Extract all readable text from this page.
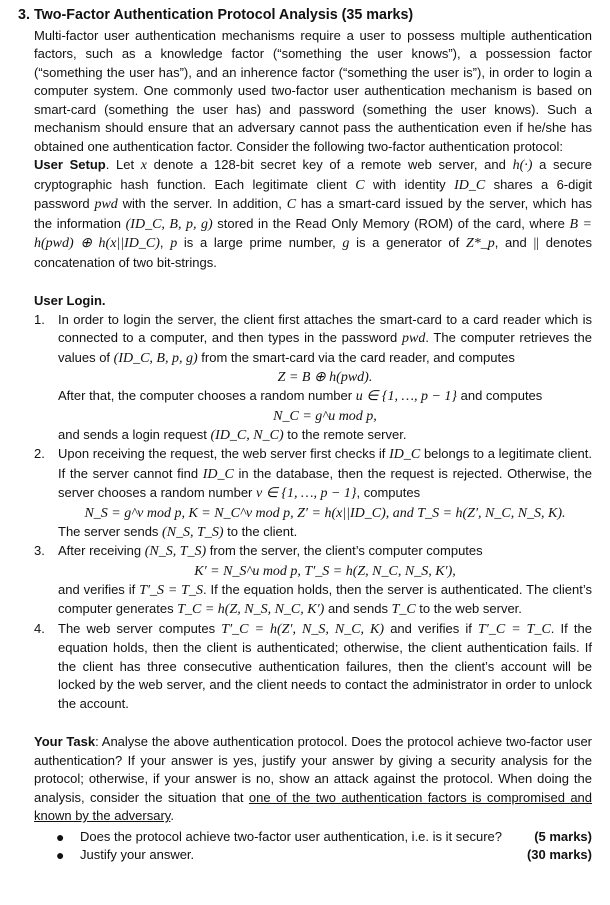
3. Two-Factor Authentication Protocol Analysis (35 marks)
Multi-factor user authentication mechanisms require a user to possess multiple authentication factors, such as a knowledge factor (“something the user knows”), a possession factor (“something the user has”), and an inherence factor (“something the user is”), in order to login a computer system. One commonly used two-factor user authentication mechanism is based on smart-card (something the user has) and password (something the user knows). Such a mechanism should ensure that an adversary cannot pass the authentication even if he/she has obtained one authentication factor. Consider the following two-factor authentication protocol:
User Setup. Let x denote a 128-bit secret key of a remote web server, and h(·) a secure cryptographic hash function. Each legitimate client C with identity ID_C shares a 6-digit password pwd with the server. In addition, C has a smart-card issued by the server, which has the information (ID_C, B, p, g) stored in the Read Only Memory (ROM) of the card, where B = h(pwd) ⊕ h(x||ID_C), p is a large prime number, g is a generator of Z*_p, and || denotes concatenation of two bit-strings.
User Login.
1. In order to login the server, the client first attaches the smart-card to a card reader which is connected to a computer, and then types in the password pwd. The computer retrieves the values of (ID_C, B, p, g) from the smart-card via the card reader, and computes
Z = B ⊕ h(pwd).
After that, the computer chooses a random number u ∈ {1, …, p − 1} and computes
N_C = g^u mod p,
and sends a login request (ID_C, N_C) to the remote server.
2. Upon receiving the request, the web server first checks if ID_C belongs to a legitimate client. If the server cannot find ID_C in the database, then the request is rejected. Otherwise, the server chooses a random number v ∈ {1, …, p − 1}, computes
N_S = g^v mod p, K = N_C^v mod p, Z′ = h(x||ID_C), and T_S = h(Z′, N_C, N_S, K).
The server sends (N_S, T_S) to the client.
3. After receiving (N_S, T_S) from the server, the client’s computer computes
K′ = N_S^u mod p, T′_S = h(Z, N_C, N_S, K′),
and verifies if T′_S = T_S. If the equation holds, then the server is authenticated. The client’s computer generates T_C = h(Z, N_S, N_C, K′) and sends T_C to the web server.
4. The web server computes T′_C = h(Z′, N_S, N_C, K) and verifies if T′_C = T_C. If the equation holds, then the client is authenticated; otherwise, the client authentication fails. If the client has three consecutive authentication failures, then the client’s account will be locked by the web server, and the client needs to contact the administrator in order to unlock the account.
Your Task: Analyse the above authentication protocol. Does the protocol achieve two-factor user authentication? If your answer is yes, justify your answer by giving a security analysis for the protocol; otherwise, if your answer is no, show an attack against the protocol. When doing the analysis, consider the situation that one of the two authentication factors is compromised and known by the adversary.
● Does the protocol achieve two-factor user authentication, i.e. is it secure? (5 marks)
● Justify your answer.	(30 marks)
